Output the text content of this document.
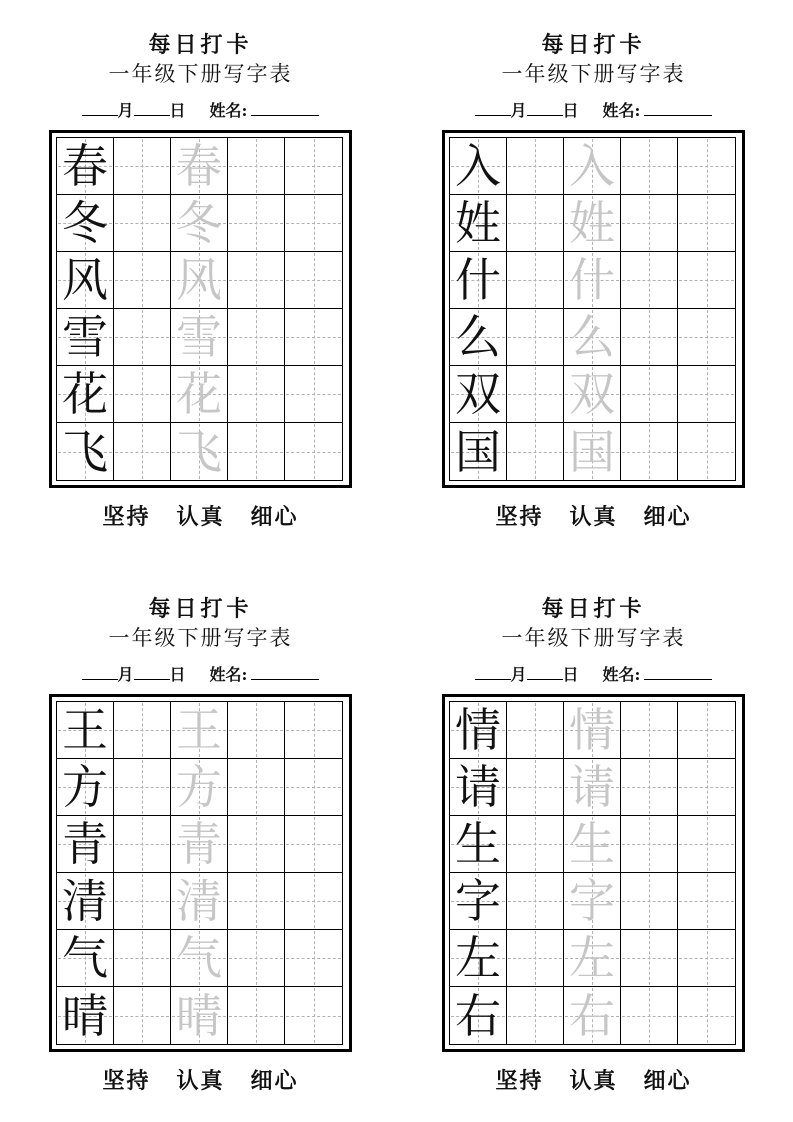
每日打卡
一年级下册写字表
月 日 姓名:
春 春
冬 冬
风 风
雪 雪
花 花
飞 飞
坚持 认真 细心
每日打卡
一年级下册写字表
月 日 姓名:
入 入
姓 姓
什 什
么 么
双 双
国 国
坚持 认真 细心
每日打卡
一年级下册写字表
月 日 姓名:
王 王
方 方
青 青
清 清
气 气
晴 晴
坚持 认真 细心
每日打卡
一年级下册写字表
月 日 姓名:
情 情
请 请
生 生
字 字
左 左
右 右
坚持 认真 细心
